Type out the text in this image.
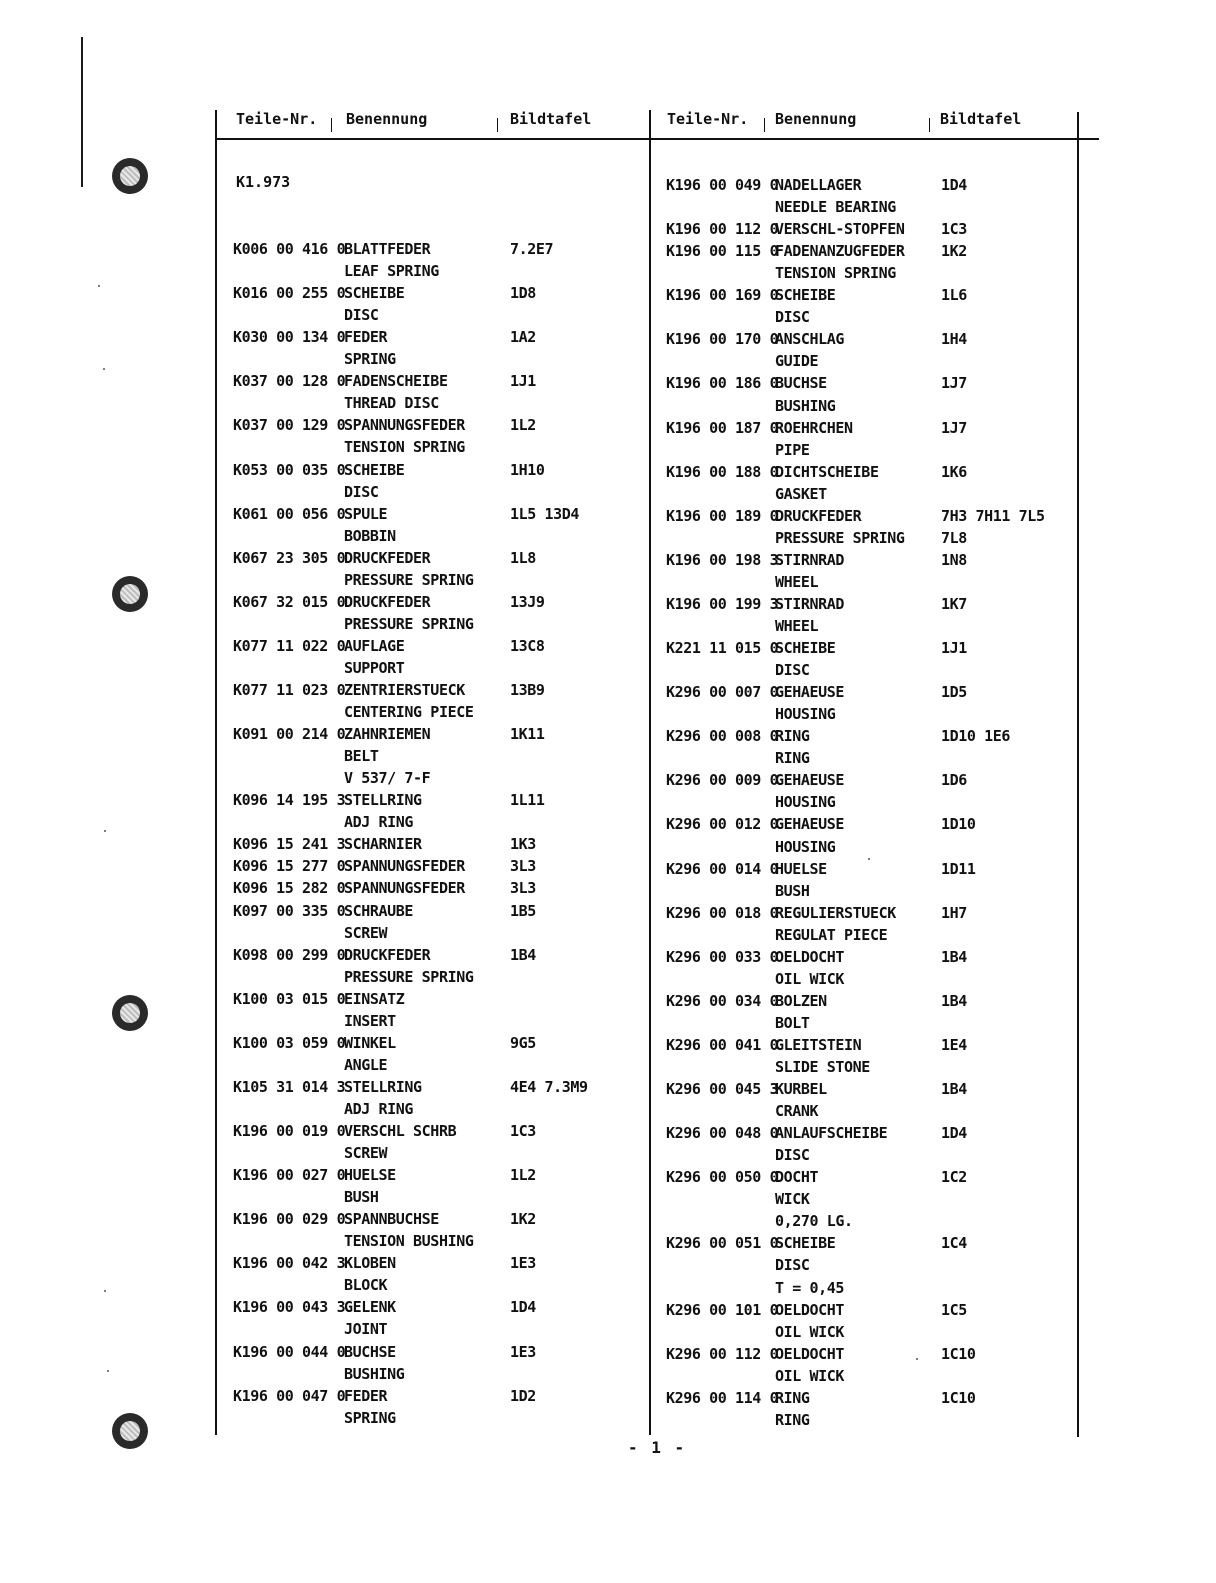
Teile-Nr. Benennung	Bildtafel	Teile-Nr. Benennung	Bildtafel
K1.973
K006 00 416 0
BLATTFEDER	7.2E7
LEAF SPRING
K016 00 255 0
SCHEIBE	1D8
DISC
K030 00 134 0
FEDER	1A2
SPRING
K037 00 128 0
FADENSCHEIBE	1J1
THREAD DISC
K037 00 129 0
SPANNUNGSFEDER	1L2
TENSION SPRING
K053 00 035 0
SCHEIBE	1H10
DISC
K061 00 056 0
SPULE	1L5 13D4
BOBBIN
K067 23 305 0
DRUCKFEDER	1L8
PRESSURE SPRING
K067 32 015 0
DRUCKFEDER	13J9
PRESSURE SPRING
K077 11 022 0
AUFLAGE	13C8
SUPPORT
K077 11 023 0
ZENTRIERSTUECK	13B9
CENTERING PIECE
K091 00 214 0
ZAHNRIEMEN	1K11
BELT
V 537/ 7-F
K096 14 195 3
STELLRING	1L11
ADJ RING
K096 15 241 3
SCHARNIER	1K3
K096 15 277 0
SPANNUNGSFEDER	3L3
K096 15 282 0
SPANNUNGSFEDER	3L3
K097 00 335 0
SCHRAUBE	1B5
SCREW
K098 00 299 0
DRUCKFEDER	1B4
PRESSURE SPRING
K100 03 015 0
EINSATZ
INSERT
K100 03 059 0
WINKEL	9G5
ANGLE
K105 31 014 3
STELLRING	4E4 7.3M9
ADJ RING
K196 00 019 0
VERSCHL SCHRB	1C3
SCREW
K196 00 027 0
HUELSE	1L2
BUSH
K196 00 029 0
SPANNBUCHSE	1K2
TENSION BUSHING
K196 00 042 3
KLOBEN	1E3
BLOCK
K196 00 043 3
GELENK	1D4
JOINT
K196 00 044 0
BUCHSE	1E3
BUSHING
K196 00 047 0
FEDER	1D2
SPRING
K196 00 049 0
NADELLAGER	1D4
NEEDLE BEARING
K196 00 112 0
VERSCHL-STOPFEN 1C3
K196 00 115 0
FADENANZUGFEDER 1K2
TENSION SPRING
K196 00 169 0
SCHEIBE	1L6
DISC
K196 00 170 0
ANSCHLAG	1H4
GUIDE
K196 00 186 0
BUCHSE	1J7
BUSHING
K196 00 187 0
ROEHRCHEN	1J7
PIPE
K196 00 188 0
DICHTSCHEIBE	1K6
GASKET
K196 00 189 0
DRUCKFEDER	7H3 7H11 7L5
PRESSURE SPRING 7L8
K196 00 198 3
STIRNRAD	1N8
WHEEL
K196 00 199 3
STIRNRAD	1K7
WHEEL
K221 11 015 0
SCHEIBE	1J1
DISC
K296 00 007 0
GEHAEUSE	1D5
HOUSING
K296 00 008 0
RING	1D10 1E6
RING
K296 00 009 0
GEHAEUSE	1D6
HOUSING
K296 00 012 0
GEHAEUSE	1D10
HOUSING
K296 00 014 0
HUELSE	1D11
BUSH
K296 00 018 0
REGULIERSTUECK	1H7
REGULAT PIECE
K296 00 033 0
OELDOCHT	1B4
OIL WICK
K296 00 034 0
BOLZEN	1B4
BOLT
K296 00 041 0
GLEITSTEIN	1E4
SLIDE STONE
K296 00 045 3
KURBEL	1B4
CRANK
K296 00 048 0
ANLAUFSCHEIBE	1D4
DISC
K296 00 050 0
DOCHT	1C2
WICK
0,270 LG.
K296 00 051 0
SCHEIBE	1C4
DISC
T = 0,45
K296 00 101 0
OELDOCHT	1C5
OIL WICK
K296 00 112 0
OELDOCHT	1C10
OIL WICK
K296 00 114 0
RING	1C10
RING
- 1 -
